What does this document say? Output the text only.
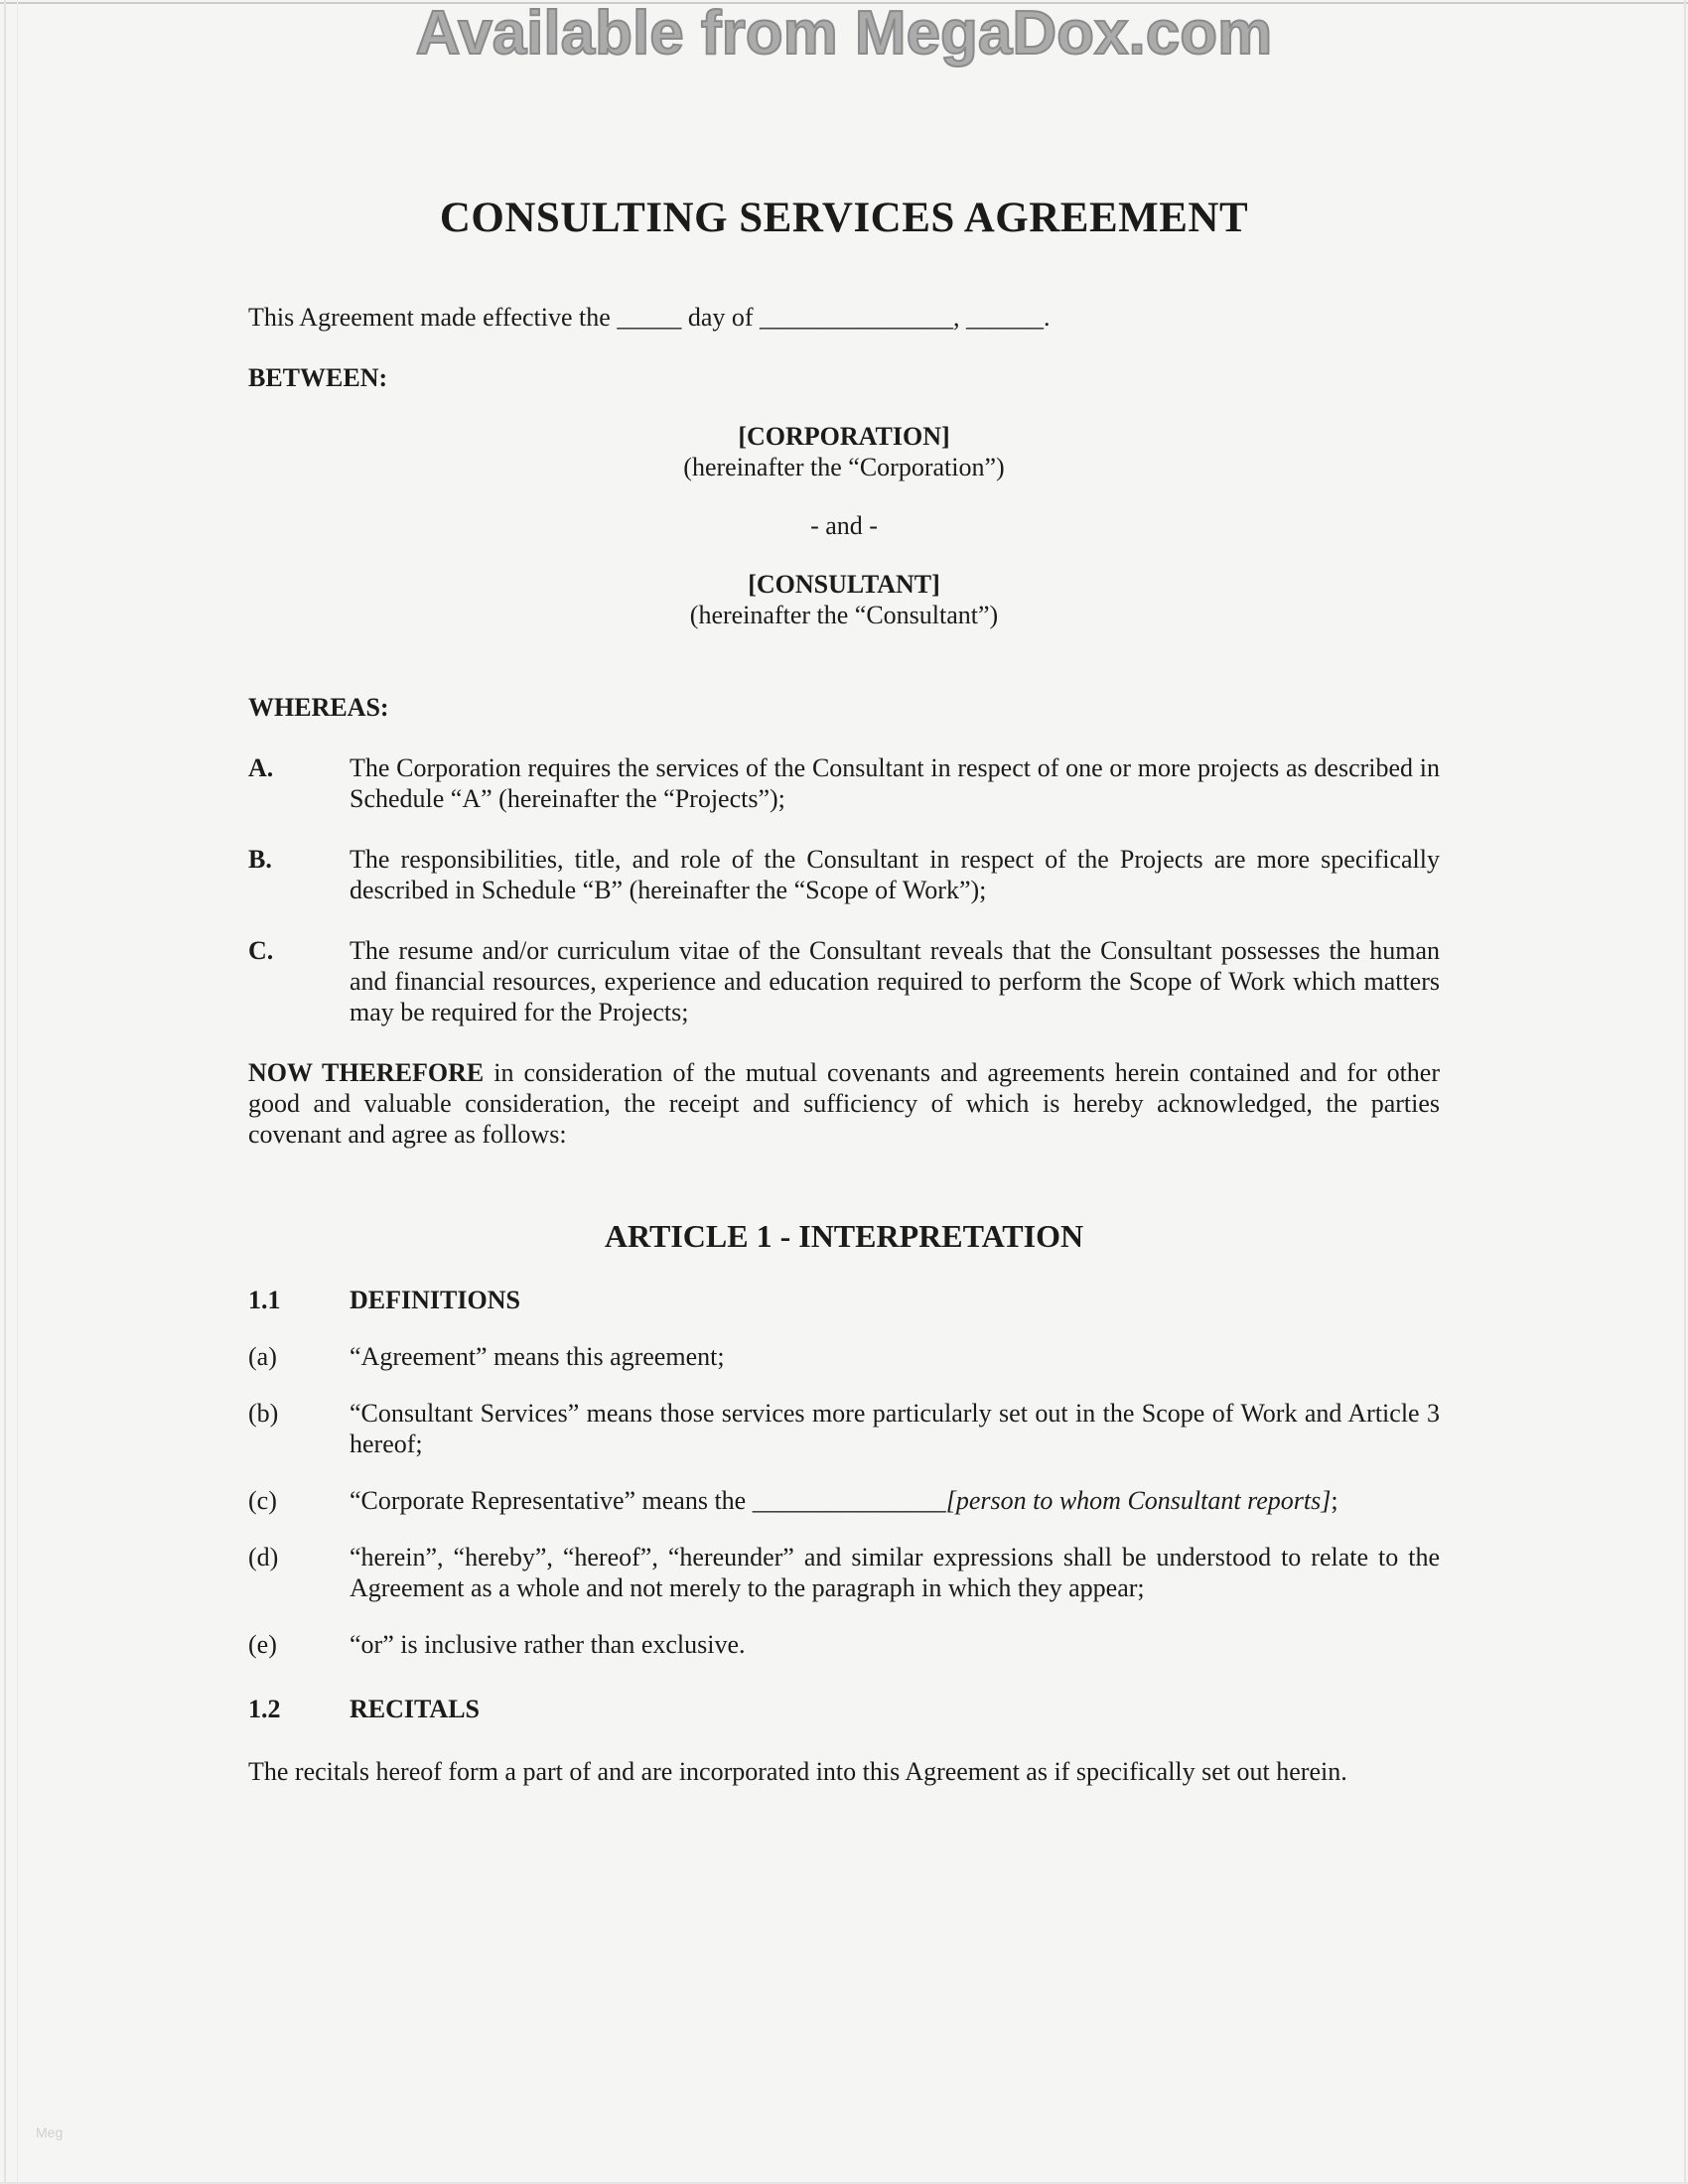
Available from MegaDox.com
CONSULTING SERVICES AGREEMENT

This Agreement made effective the _____ day of _______________, ______.

BETWEEN:

[CORPORATION]

(hereinafter the “Corporation”)

- and -

[CONSULTANT]

(hereinafter the “Consultant”)

WHEREAS:

A.	The Corporation requires the services of the Consultant in respect of one or more projects as described in Schedule “A” (hereinafter the “Projects”);
B.	The responsibilities, title, and role of the Consultant in respect of the Projects are more specifically described in Schedule “B” (hereinafter the “Scope of Work”);
C.	The resume and/or curriculum vitae of the Consultant reveals that the Consultant possesses the human and financial resources, experience and education required to perform the Scope of Work which matters may be required for the Projects;

NOW THEREFORE in consideration of the mutual covenants and agreements herein contained and for other good and valuable consideration, the receipt and sufficiency of which is hereby acknowledged, the parties covenant and agree as follows:

ARTICLE 1 - INTERPRETATION
1.1	DEFINITIONS
(a)	“Agreement” means this agreement;
(b)	“Consultant Services” means those services more particularly set out in the Scope of Work and Article 3 hereof;
(c)	“Corporate Representative” means the _______________[person to whom Consultant reports];
(d)	“herein”, “hereby”, “hereof”, “hereunder” and similar expressions shall be understood to relate to the Agreement as a whole and not merely to the paragraph in which they appear;
(e)	“or” is inclusive rather than exclusive.
1.2	RECITALS

The recitals hereof form a part of and are incorporated into this Agreement as if specifically set out herein.

Meg
